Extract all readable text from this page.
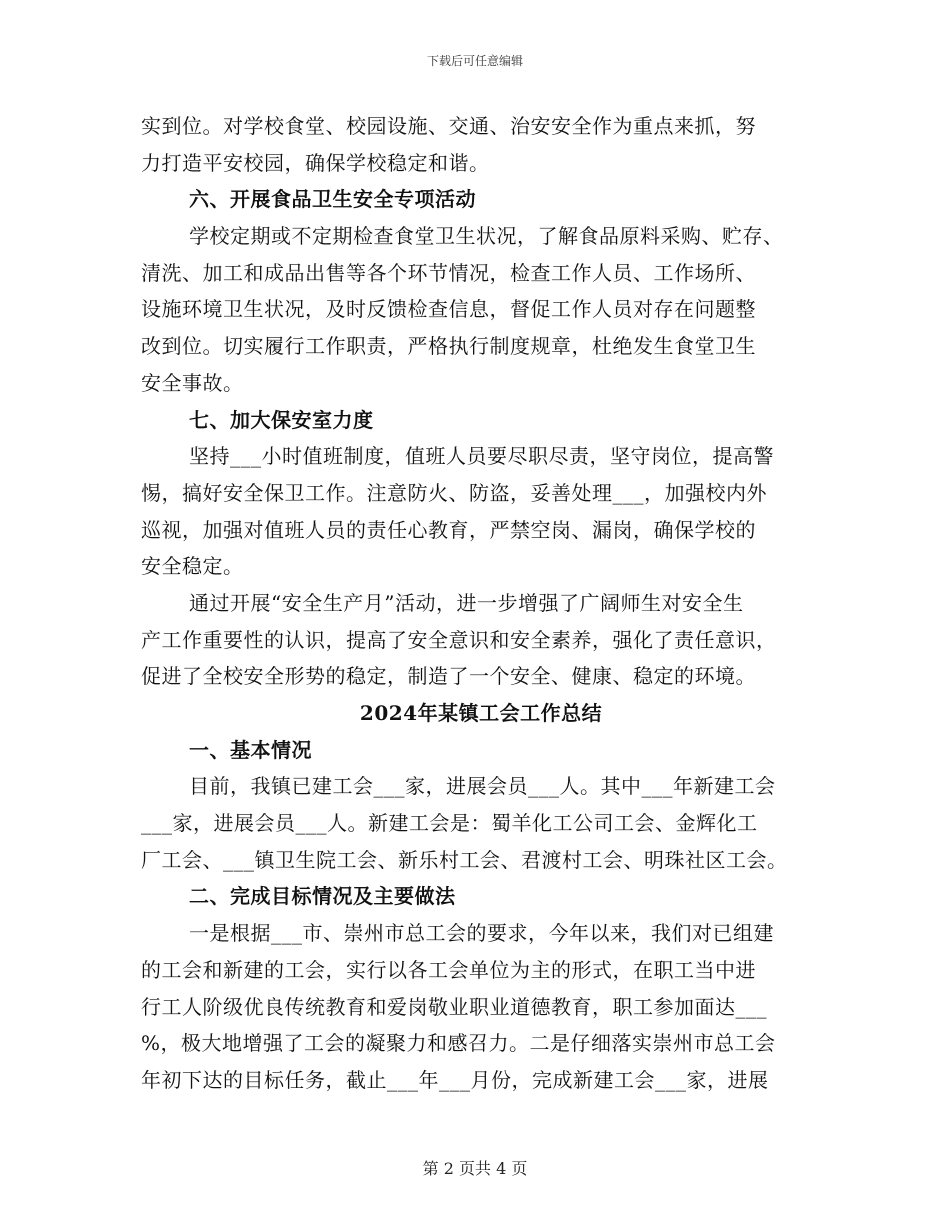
下载后可任意编辑
实到位。对学校食堂、校园设施、交通、治安安全作为重点来抓，努
力打造平安校园，确保学校稳定和谐。
六、开展食品卫生安全专项活动
学校定期或不定期检查食堂卫生状况，了解食品原料采购、贮存、
清洗、加工和成品出售等各个环节情况，检查工作人员、工作场所、
设施环境卫生状况，及时反馈检查信息，督促工作人员对存在问题整
改到位。切实履行工作职责，严格执行制度规章，杜绝发生食堂卫生
安全事故。
七、加大保安室力度
坚持___小时值班制度，值班人员要尽职尽责，坚守岗位，提高警
惕，搞好安全保卫工作。注意防火、防盗，妥善处理___，加强校内外
巡视，加强对值班人员的责任心教育，严禁空岗、漏岗，确保学校的
安全稳定。
通过开展“安全生产月”活动，进一步增强了广阔师生对安全生
产工作重要性的认识，提高了安全意识和安全素养，强化了责任意识，
促进了全校安全形势的稳定，制造了一个安全、健康、稳定的环境。
2024年某镇工会工作总结
一、基本情况
目前，我镇已建工会___家，进展会员___人。其中___年新建工会
___家，进展会员___人。新建工会是：蜀羊化工公司工会、金辉化工
厂工会、___镇卫生院工会、新乐村工会、君渡村工会、明珠社区工会。
二、完成目标情况及主要做法
一是根据___市、崇州市总工会的要求，今年以来，我们对已组建
的工会和新建的工会，实行以各工会单位为主的形式，在职工当中进
行工人阶级优良传统教育和爱岗敬业职业道德教育，职工参加面达___
%，极大地增强了工会的凝聚力和感召力。二是仔细落实崇州市总工会
年初下达的目标任务，截止___年___月份，完成新建工会___家，进展
第 2 页共 4 页
